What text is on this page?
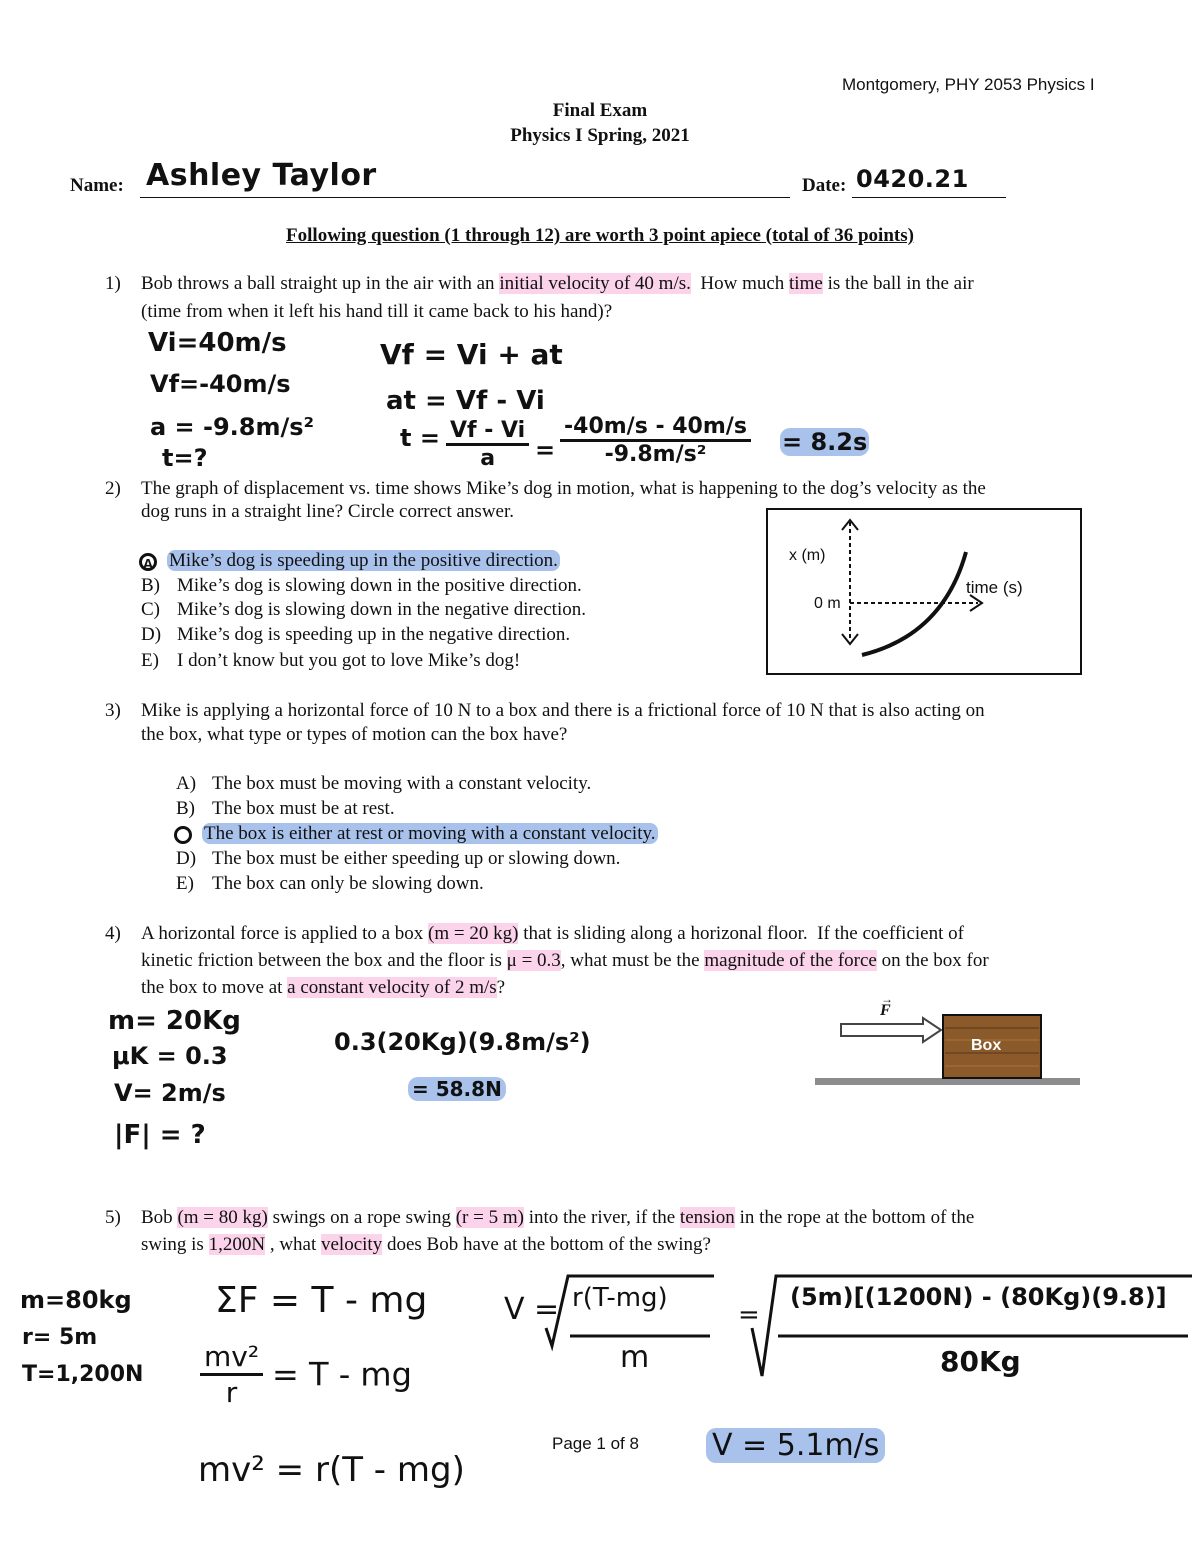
Montgomery, PHY 2053 Physics I
Final Exam
Physics I Spring, 2021
Name: Ashley Taylor	Date: 0420.21
Following question (1 through 12) are worth 3 point apiece (total of 36 points)
1) Bob throws a ball straight up in the air with an initial velocity of 40 m/s.  How much time is the ball in the air
(time from when it left his hand till it came back to his hand)?
Vi=40m/s
Vf=-40m/s
a = -9.8m/s²
t=?
Vf = Vi + at
at = Vf - Vi
$t = \frac{Vf - Vi}{a} = \frac{-40m/s - 40m/s}{\text{-9.8m/s²}} = 8.2s$
2) The graph of displacement vs. time shows Mike’s dog in motion, what is happening to the dog’s velocity as the
dog runs in a straight line? Circle correct answer.
A Mike’s dog is speeding up in the positive direction.
B) Mike’s dog is slowing down in the positive direction.
C) Mike’s dog is slowing down in the negative direction.
D) Mike’s dog is speeding up in the negative direction.
E) I don’t know but you got to love Mike’s dog!
x (m)
time (s)
0 m
3) Mike is applying a horizontal force of 10 N to a box and there is a frictional force of 10 N that is also acting on
the box, what type or types of motion can the box have?
A) The box must be moving with a constant velocity.
B) The box must be at rest.
The box is either at rest or moving with a constant velocity.
D) The box must be either speeding up or slowing down.
E) The box can only be slowing down.
4) A horizontal force is applied to a box (m = 20 kg) that is sliding along a horizonal floor.  If the coefficient of
kinetic friction between the box and the floor is μ = 0.3, what must be the magnitude of the force on the box for
the box to move at a constant velocity of 2 m/s?
F
→
Box
m= 20Kg
μK = 0.3
V= 2m/s
|F| = ?
0.3(20Kg)(9.8m/s²)
= 58.8N
5) Bob (m = 80 kg) swings on a rope swing (r = 5 m) into the river, if the tension in the rope at the bottom of the
swing is 1,200N , what velocity does Bob have at the bottom of the swing?
m=80kg
r= 5m
T=1,200N
ΣF = T - mg
$\frac{\text{mv²}}{r} = T$ - mg
mv² = r(T - mg)
V = r(T-mg)
m
=
(5m)[(1200N) - (80Kg)(9.8)]
80Kg
Page 1 of 8 V = 5.1m/s
